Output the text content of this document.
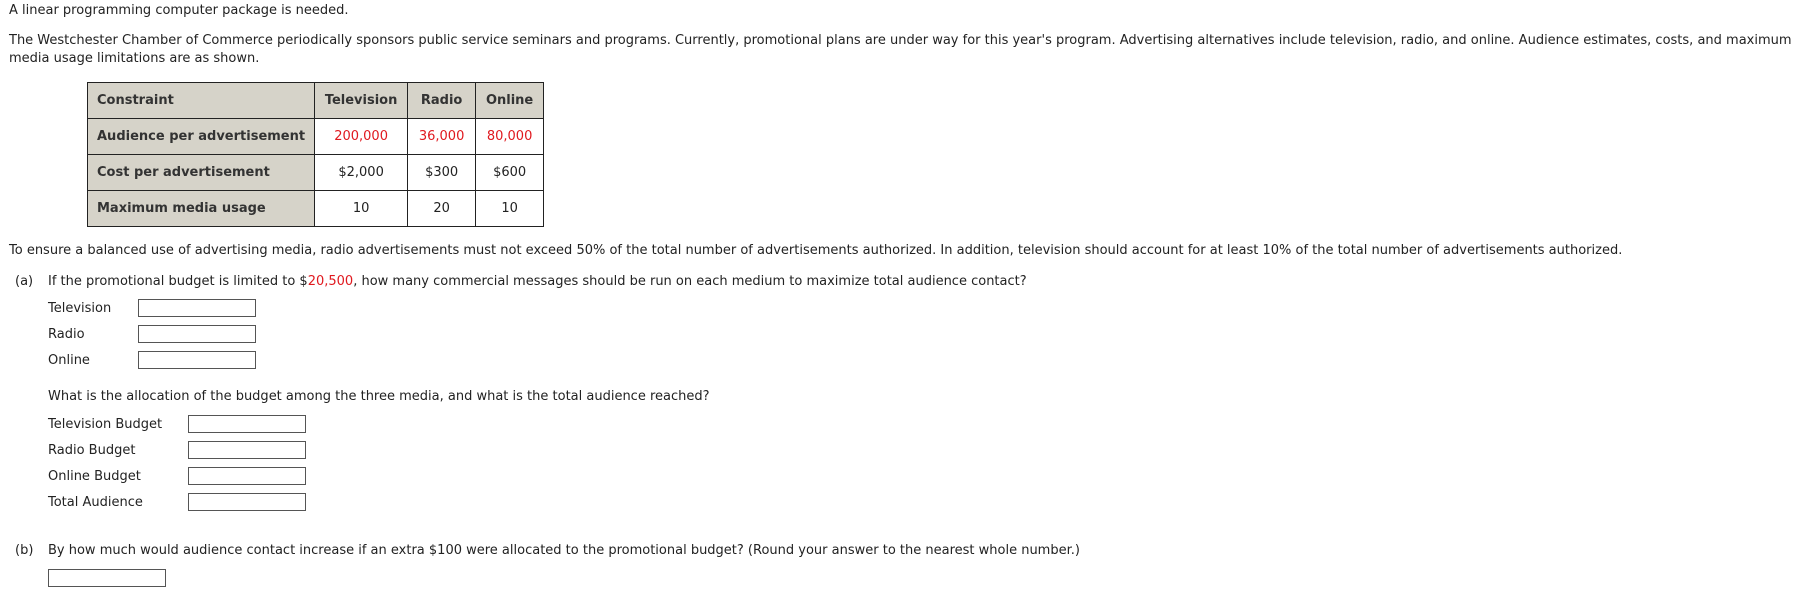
A linear programming computer package is needed.
The Westchester Chamber of Commerce periodically sponsors public service seminars and programs. Currently, promotional plans are under way for this year's program. Advertising alternatives include television, radio, and online. Audience estimates, costs, and maximum media usage limitations are as shown.
Constraint	Television	Radio	Online
Audience per advertisement	200,000	36,000	80,000
Cost per advertisement	$2,000	$300	$600
Maximum media usage	10	20	10
To ensure a balanced use of advertising media, radio advertisements must not exceed 50% of the total number of advertisements authorized. In addition, television should account for at least 10% of the total number of advertisements authorized.
(a) If the promotional budget is limited to $20,500, how many commercial messages should be run on each medium to maximize total audience contact?
Television
Radio
Online
What is the allocation of the budget among the three media, and what is the total audience reached?
Television Budget
Radio Budget
Online Budget
Total Audience
(b) By how much would audience contact increase if an extra $100 were allocated to the promotional budget? (Round your answer to the nearest whole number.)
